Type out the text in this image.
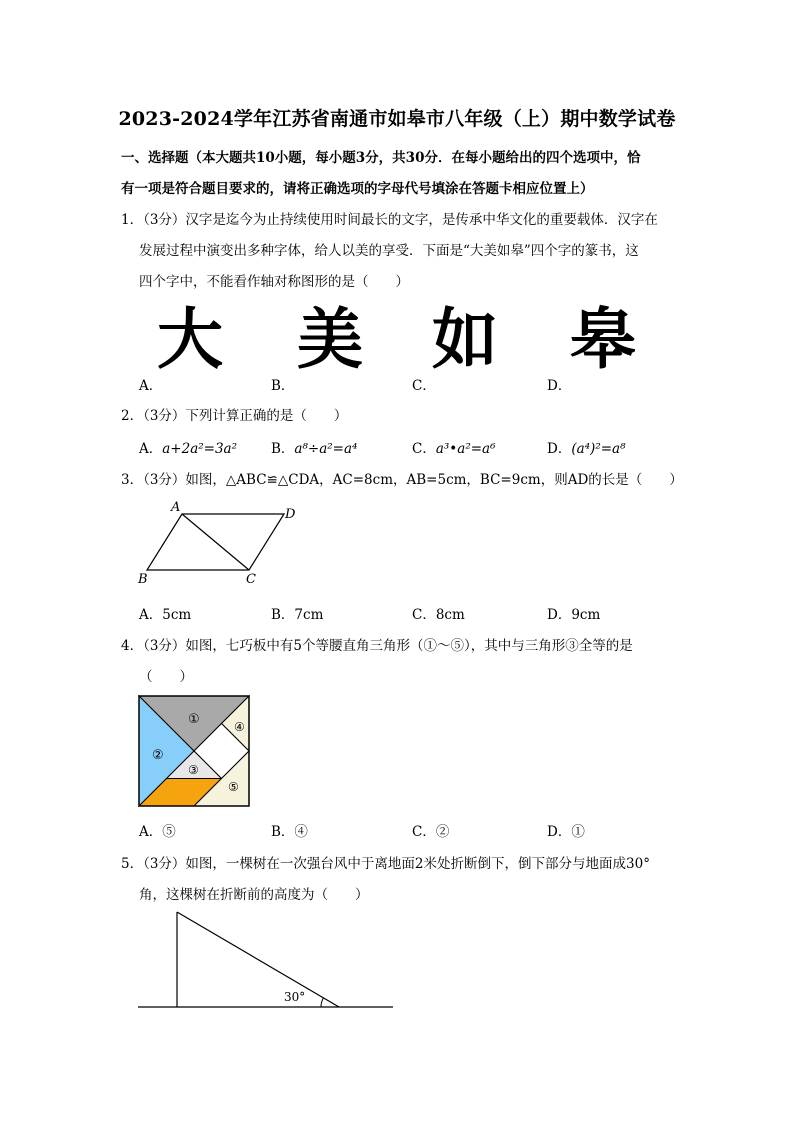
2023-2024学年江苏省南通市如皋市八年级（上）期中数学试卷
一、选择题（本大题共10小题，每小题3分，共30分．在每小题给出的四个选项中，恰
有一项是符合题目要求的，请将正确选项的字母代号填涂在答题卡相应位置上）
1．（3分）汉字是迄今为止持续使用时间最长的文字，是传承中华文化的重要载体．汉字在
发展过程中演变出多种字体，给人以美的享受．下面是“大美如皋”四个字的篆书，这
四个字中，不能看作轴对称图形的是（　　）
大 美 如 皋
A．	B．	C．	D．
2．（3分）下列计算正确的是（　　）
A．a+2a²=3a²	B．a⁸÷a²=a⁴	C．a³•a²=a⁶	D．(a⁴)²=a⁸
3．（3分）如图，△ABC≌△CDA，AC=8cm，AB=5cm，BC=9cm，则AD的长是（　　）
A	D
B	C
A．5cm	B．7cm	C．8cm	D．9cm
4．（3分）如图，七巧板中有5个等腰直角三角形（①～⑤），其中与三角形③全等的是
（　　）
①
②
③
④
⑤
A．⑤	B．④	C．②	D．①
5．（3分）如图，一棵树在一次强台风中于离地面2米处折断倒下，倒下部分与地面成30°
角，这棵树在折断前的高度为（　　）
30°
